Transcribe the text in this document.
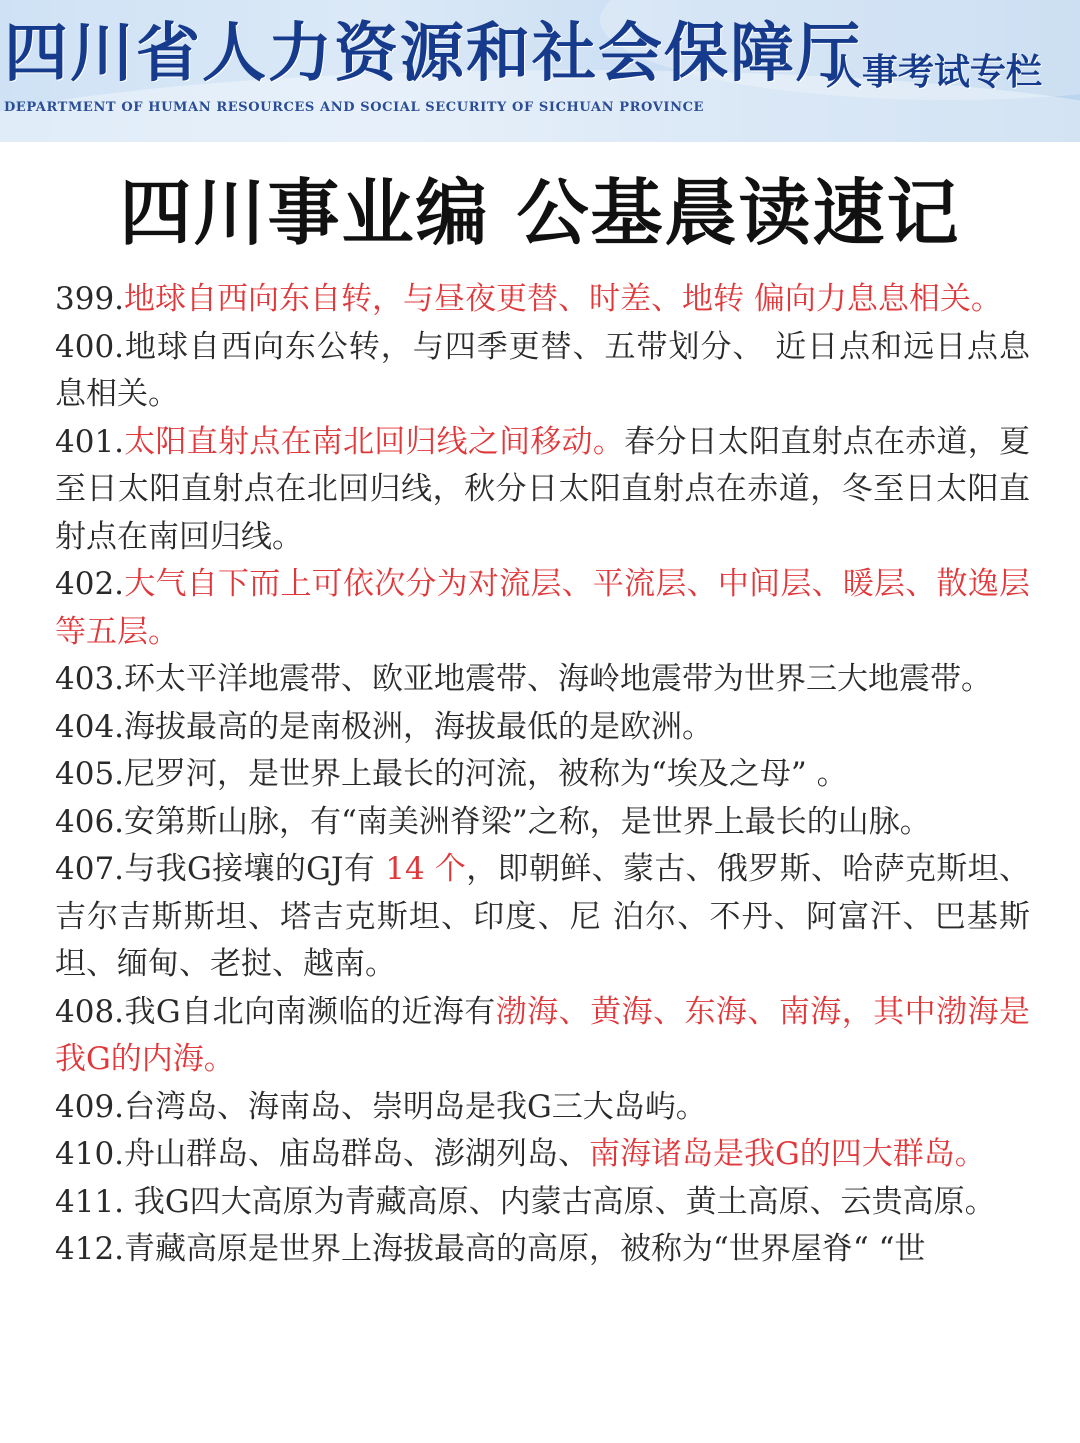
四川省人力资源和社会保障厅
DEPARTMENT OF HUMAN RESOURCES AND SOCIAL SECURITY OF SICHUAN PROVINCE
人事考试专栏
四川事业编 公基晨读速记
399.地球自西向东自转，与昼夜更替、时差、地转 偏向力息息相关。
400.地球自西向东公转，与四季更替、五带划分、 近日点和远日点息息相关。
401.太阳直射点在南北回归线之间移动。春分日太阳直射点在赤道，夏至日太阳直射点在北回归线，秋分日太阳直射点在赤道，冬至日太阳直射点在南回归线。
402.大气自下而上可依次分为对流层、平流层、中间层、暖层、散逸层等五层。
403.环太平洋地震带、欧亚地震带、海岭地震带为世界三大地震带。
404.海拔最高的是南极洲，海拔最低的是欧洲。
405.尼罗河，是世界上最长的河流，被称为“埃及之母” 。
406.安第斯山脉，有“南美洲脊梁”之称，是世界上最长的山脉。
407.与我G接壤的GJ有 14 个，即朝鲜、蒙古、俄罗斯、哈萨克斯坦、吉尔吉斯斯坦、塔吉克斯坦、印度、尼 泊尔、不丹、阿富汗、巴基斯坦、缅甸、老挝、越南。
408.我G自北向南濒临的近海有渤海、黄海、东海、南海，其中渤海是我G的内海。
409.台湾岛、海南岛、崇明岛是我G三大岛屿。
410.舟山群岛、庙岛群岛、澎湖列岛、南海诸岛是我G的四大群岛。
411. 我G四大高原为青藏高原、内蒙古高原、黄土高原、云贵高原。
412.青藏高原是世界上海拔最高的高原，被称为“世界屋脊“ “世
